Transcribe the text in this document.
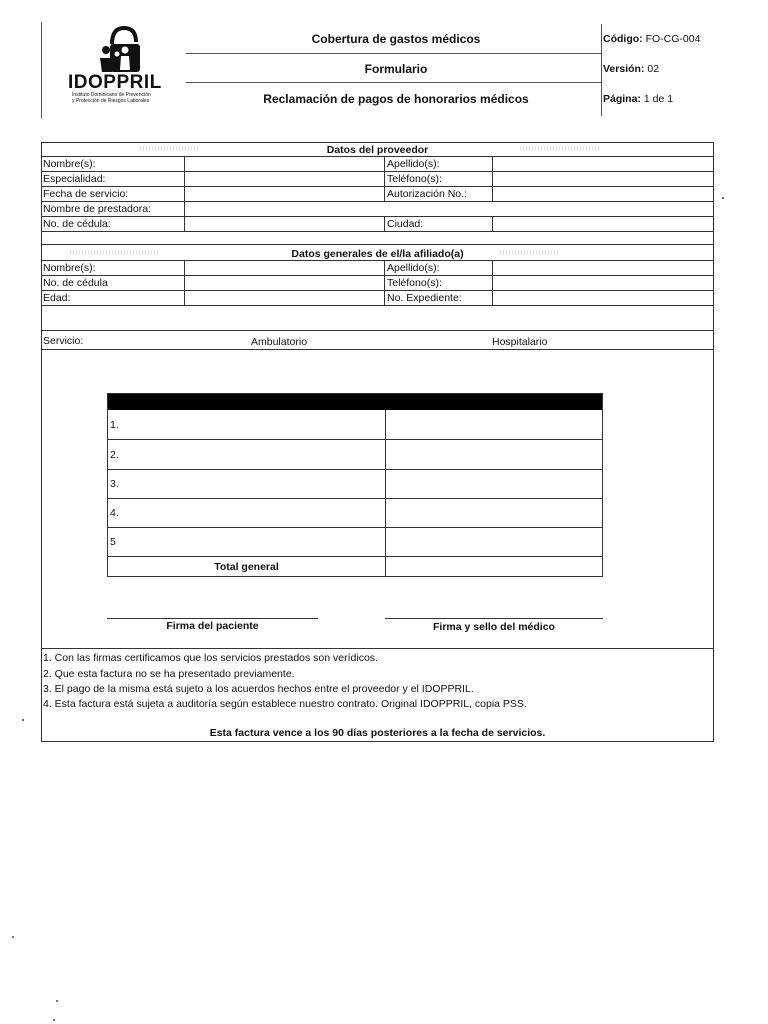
IDOPPRIL
Instituto Dominicano de Prevención
y Protección de Riesgos Laborales
Cobertura de gastos médicos
Formulario
Reclamación de pagos de honorarios médicos
Código: FO-CG-004
Versión: 02
Página: 1 de 1
Datos del proveedor
Nombre(s):	Apellido(s):
Especialidad:	Teléfono(s):
Fecha de servicio:	Autorización No.:
Nombre de prestadora:
No. de cédula:	Ciudad:
Datos generales de el/la afiliado(a)
Nombre(s):	Apellido(s):
No. de cédula	Teléfono(s):
Edad:	No. Expediente:
Servicio:	Ambulatorio	Hospitalario
1.
2.
3.
4.
5
Total general
Firma del paciente	Firma y sello del médico
1. Con las firmas certificamos que los servicios prestados son verídicos.
2. Que esta factura no se ha presentado previamente.
3. El pago de la misma está sujeto a los acuerdos hechos entre el proveedor y el IDOPPRIL.
4. Esta factura está sujeta a auditoría según establece nuestro contrato. Original IDOPPRIL, copia PSS.
Esta factura vence a los 90 días posteriores a la fecha de servicios.
